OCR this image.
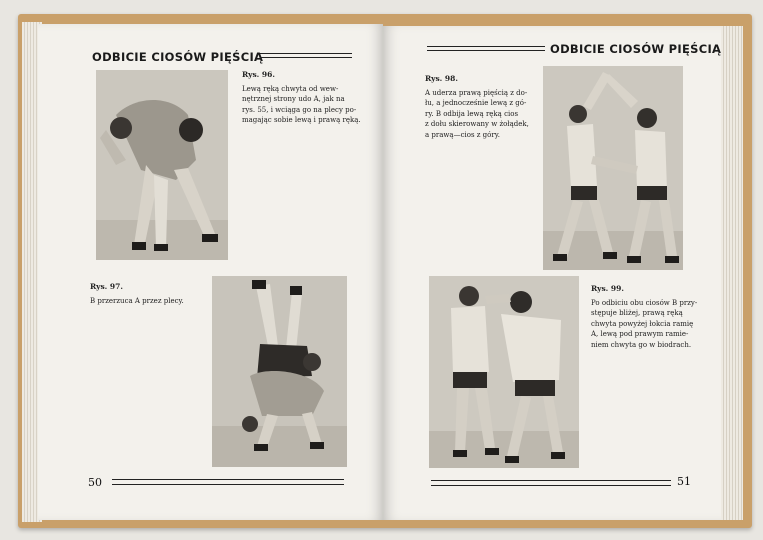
ODBICIE CIOSÓW PIĘŚCIĄ
Rys. 96.
Lewą ręką chwyta od wew-
nętrznej strony udo A, jak na
rys. 55, i wciąga go na plecy po-
magając sobie lewą i prawą ręką.
Rys. 97.
B przerzuca A przez plecy.
50
ODBICIE CIOSÓW PIĘŚCIĄ
Rys. 98.
A uderza prawą pięścią z do-
łu, a jednocześnie lewą z gó-
ry. B odbija lewą ręką cios
z dołu skierowany w żołądek,
a prawą—cios z góry.
Rys. 99.
Po odbiciu obu ciosów B przy-
stępuje bliżej, prawą ręką
chwyta powyżej łokcia ramię
A, lewą pod prawym ramie-
niem chwyta go w biodrach.
51
